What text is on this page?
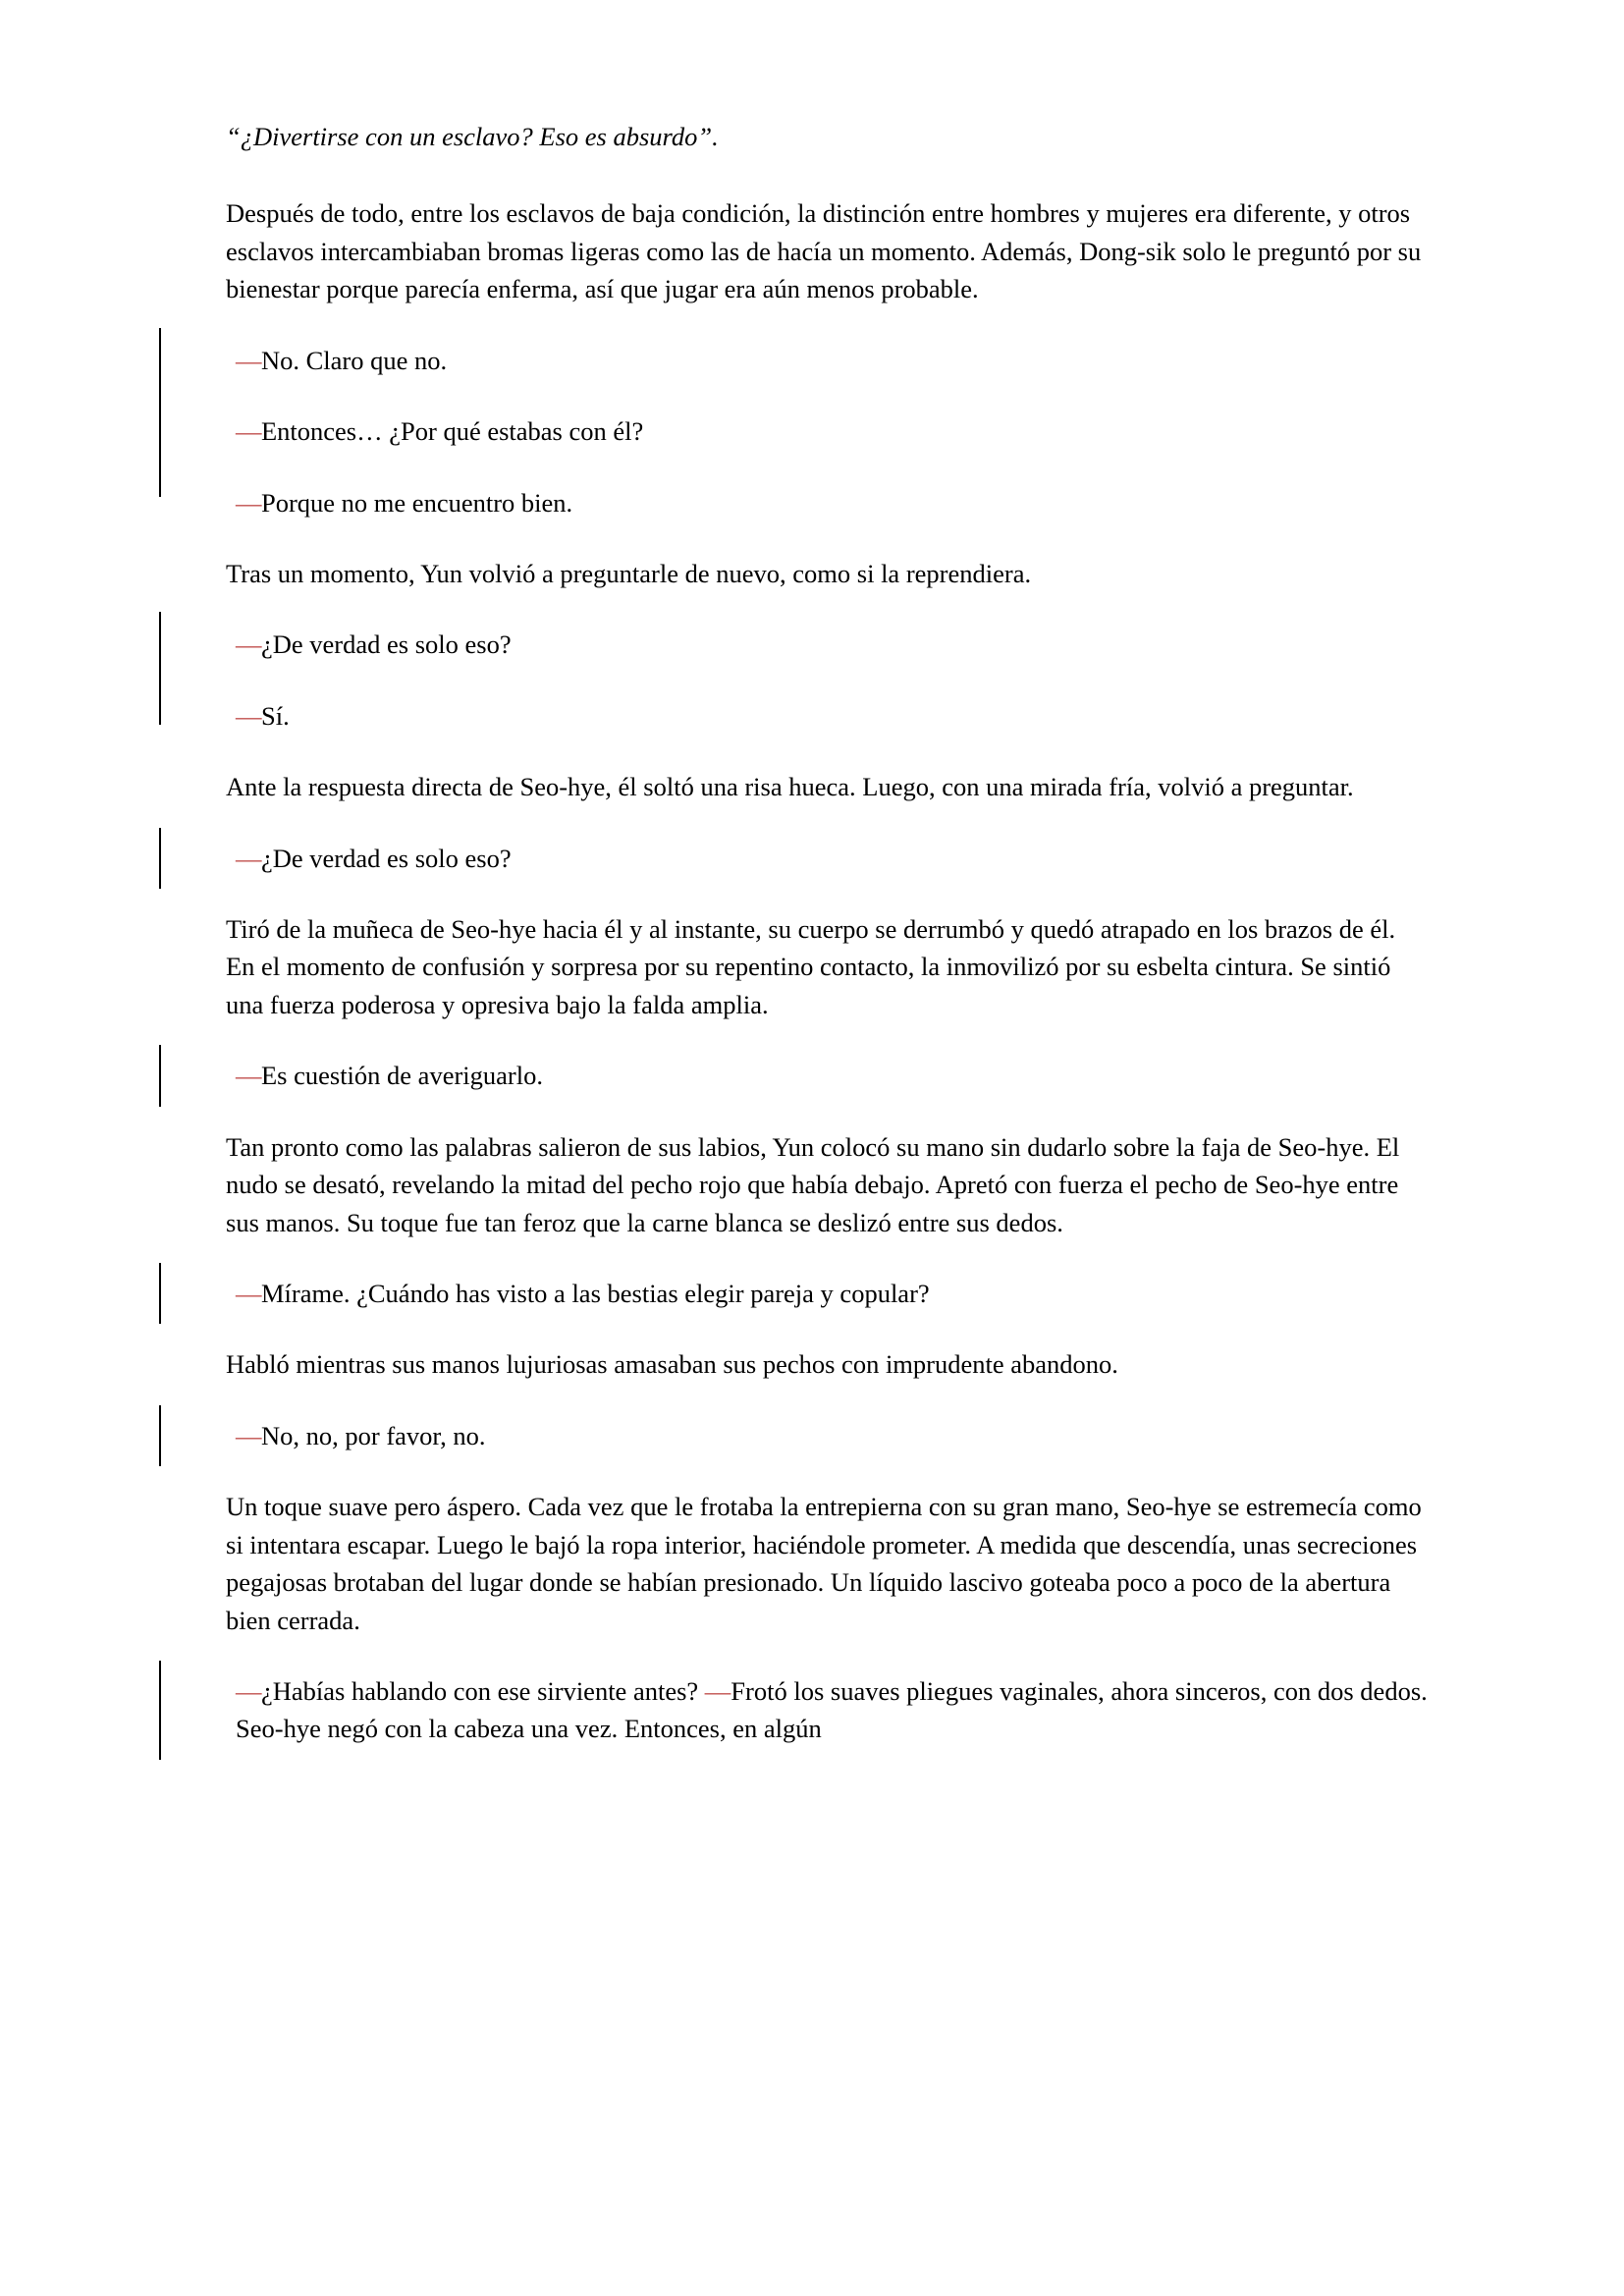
“¿Divertirse con un esclavo? Eso es absurdo”.

Después de todo, entre los esclavos de baja condición, la distinción entre hombres y mujeres era diferente, y otros esclavos intercambiaban bromas ligeras como las de hacía un momento. Además, Dong-sik solo le preguntó por su bienestar porque parecía enferma, así que jugar era aún menos probable.

—No. Claro que no.

—Entonces… ¿Por qué estabas con él?

—Porque no me encuentro bien.

Tras un momento, Yun volvió a preguntarle de nuevo, como si la reprendiera.

—¿De verdad es solo eso?

—Sí.

Ante la respuesta directa de Seo-hye, él soltó una risa hueca. Luego, con una mirada fría, volvió a preguntar.

—¿De verdad es solo eso?

Tiró de la muñeca de Seo-hye hacia él y al instante, su cuerpo se derrumbó y quedó atrapado en los brazos de él. En el momento de confusión y sorpresa por su repentino contacto, la inmovilizó por su esbelta cintura. Se sintió una fuerza poderosa y opresiva bajo la falda amplia.

—Es cuestión de averiguarlo.

Tan pronto como las palabras salieron de sus labios, Yun colocó su mano sin dudarlo sobre la faja de Seo-hye. El nudo se desató, revelando la mitad del pecho rojo que había debajo. Apretó con fuerza el pecho de Seo-hye entre sus manos. Su toque fue tan feroz que la carne blanca se deslizó entre sus dedos.

—Mírame. ¿Cuándo has visto a las bestias elegir pareja y copular?

Habló mientras sus manos lujuriosas amasaban sus pechos con imprudente abandono.

—No, no, por favor, no.

Un toque suave pero áspero. Cada vez que le frotaba la entrepierna con su gran mano, Seo-hye se estremecía como si intentara escapar. Luego le bajó la ropa interior, haciéndole prometer. A medida que descendía, unas secreciones pegajosas brotaban del lugar donde se habían presionado. Un líquido lascivo goteaba poco a poco de la abertura bien cerrada.

—¿Habías hablando con ese sirviente antes? —Frotó los suaves pliegues vaginales, ahora sinceros, con dos dedos. Seo-hye negó con la cabeza una vez. Entonces, en algún
